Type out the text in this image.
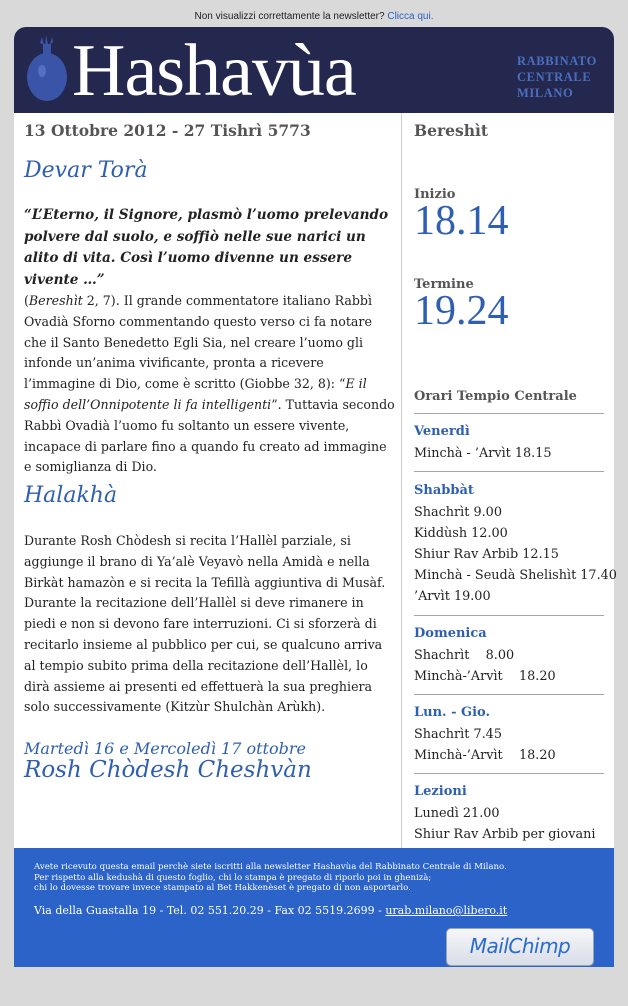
Non visualizzi correttamente la newsletter? Clicca qui.
Hashavùa	RABBINATO
CENTRALE
MILANO
13 Ottobre 2012 - 27 Tishrì 5773
Devar Torà
“L’Eterno, il Signore, plasmò l’uomo prelevando polvere dal suolo, e soffiò nelle sue narici un alito di vita. Così l’uomo divenne un essere vivente …”
(Bereshìt 2, 7). Il grande commentatore italiano Rabbì Ovadià Sforno commentando questo verso ci fa notare che il Santo Benedetto Egli Sia, nel creare l’uomo gli infonde un’anima vivificante, pronta a ricevere l’immagine di Dio, come è scritto (Giobbe 32, 8): “E il soffio dell’Onnipotente li fa intelligenti”. Tuttavia secondo Rabbì Ovadià l’uomo fu soltanto un essere vivente, incapace di parlare fino a quando fu creato ad immagine e somiglianza di Dio.
Halakhà
Durante Rosh Chòdesh si recita l’Hallèl parziale, si aggiunge il brano di Ya’alè Veyavò nella Amidà e nella Birkàt hamazòn e si recita la Tefillà aggiuntiva di Musàf. Durante la recitazione dell’Hallèl si deve rimanere in piedi e non si devono fare interruzioni. Ci si sforzerà di recitarlo insieme al pubblico per cui, se qualcuno arriva al tempio subito prima della recitazione dell’Hallèl, lo dirà assieme ai presenti ed effettuerà la sua preghiera solo successivamente (Kitzùr Shulchàn Arùkh).
Martedì 16 e Mercoledì 17 ottobre
Rosh Chòdesh Cheshvàn
Bereshìt
Inizio
18.14
Termine
19.24
Orari Tempio Centrale
Venerdì
Minchà - ’Arvìt 18.15
Shabbàt
Shachrìt 9.00
Kiddùsh 12.00
Shiur Rav Arbib 12.15
Minchà - Seudà Shelishìt 17.40
’Arvìt 19.00
Domenica
Shachrìt    8.00
Minchà-’Arvìt    18.20
Lun. - Gio.
Shachrìt 7.45
Minchà-’Arvìt    18.20
Lezioni
Lunedì 21.00
Shiur Rav Arbib per giovani
Avete ricevuto questa email perchè siete iscritti alla newsletter Hashavùa del Rabbinato Centrale di Milano.
Per rispetto alla kedushà di questo foglio, chi lo stampa è pregato di riporlo poi in ghenizà;
chi lo dovesse trovare invece stampato al Bet Hakkenèset è pregato di non asportarlo.
Via della Guastalla 19 - Tel. 02 551.20.29 - Fax 02 5519.2699 - urab.milano@libero.it
MailChimp
